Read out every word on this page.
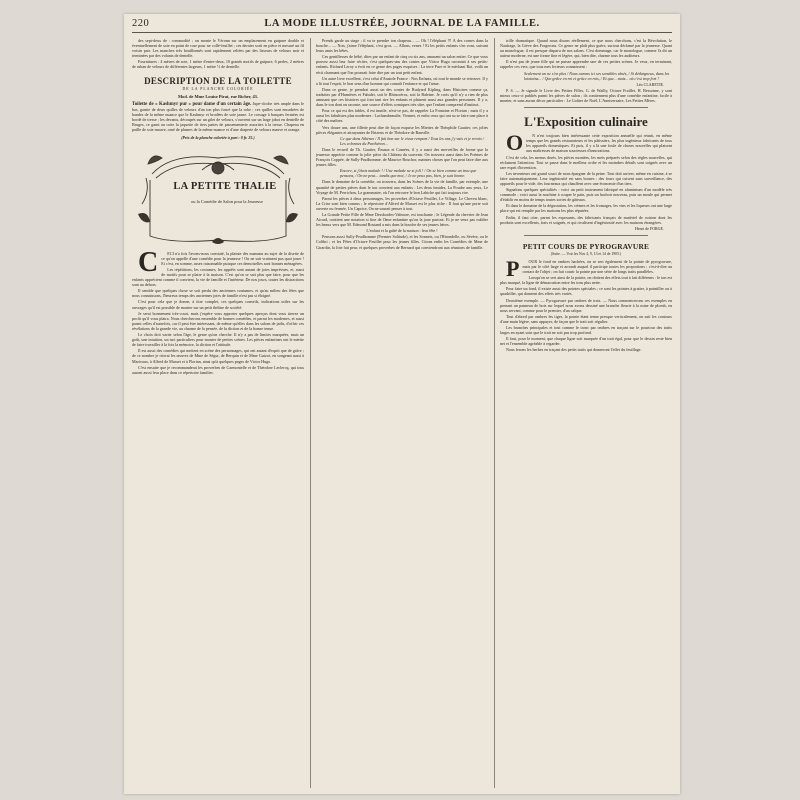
220	LA MODE ILLUSTRÉE, JOURNAL DE LA FAMILLE.

des sept-deux de : commodité ; on monte le Véronn sur un emplacement en guipure double et éventuellement de soie en point de rose pour ne collé-feuillet ; ces dernier sorti en pièce et mesuré un fil voisin pair. Les manches très bouillonnés sont rapidement reliées par des lisseurs de velours noir et terminées par des volants de dentelle.

Fournitures : 4 mètres de soie, 1 mètre d'entre-deux, 10 grands motifs de guipure, 6 perles, 2 mètres de ruban de velours de différentes largeurs, 1 mètre ½ de dentelle.

DESCRIPTION DE LA TOILETTE
DE LA PLANCHE COLORIÉE
Mod. de Mme Louise Pirat, rue Richer, 43.

Toilette de « Kashmyr pur » pour dame d'un certain âge. Jupe-cloche très ample dans le bas, garnie de deux quilles de velours d'un ton plus foncé que la robe ; ces quilles sont encadrées de bandes de la même nuance que le Kashmyr et brodées de soie jaune. Le corsage à basques fermées est bordé de tresse ; les devants, découpés sur un gilet de velours, s'ouvrent sur un large jabot en dentelle de Bruges, ce garni au cotte la jaquette de tiers pattes de passementerie assorties à la tresse. Chapeau en paille de soie mauve, orné de plumes de la même nuance et d'une draperie de velours mauve et orange.

(Prix de la planche coloriée à part : 0 fr. 25.)
LA PETITE THALIE
ou la Comédie de Salon pour la Jeunesse

C ECI n'a fois l'avons-nous constaté, la plainte des mamans au sujet de la disette de ce qu'on appelle d'une comédie pour la jeunesse ! On ne sait vraiment pas quoi jouer ! Et c'est, en somme, assez raisonnable puisque ces demoiselles sont bonnes ménagères.

Les répétitions, les costumes, les apprêts sont autant de joies imprévues, et, aussi de motifs pour se plaire à la maison. C'est qu'on se sait plus que faire, pour que les enfants apprécient comme il convient, la vie de famille et l'intérieur. De nos jours, toutes les distractions sont au dehors.

Il semble que quelques chose se soit perdu des anciennes coutumes, et qu'au milieu des fêtes que nous connaissons, l'heureux temps des anciennes joies de famille n'est pas si éloigné.

C'est pour cela que je donne, à titre complet, ces quelques conseils, indications utiles sur les ouvrages qu'il est possible de monter sur un petit théâtre de société.

Je serai bonnement très-court, mais j'espère vous apporter quelques aperçus dont vous tirerez un profit qu'il vous plaira. Nous chercherons ensemble de bonnes comédies, et parmi les modernes, et aussi parmi celles d'autrefois, car il peut être intéressant, de même qu'elles dans les salons de jadis, d'offrir ces révélations de la grande vie, au charme de la pensée, de la diction et de la bonne tenue.

Le choix doit varier selon l'âge, le genre qu'on cherche. Il n'y a pas de limites marquées, mais un goût, une intuition, un tact particuliers pour monter de petites scènes. Les pièces enfantines ont le mérite de faire travailler à la fois la mémoire, la diction et l'attitude.

Il est aussi des comédies qui mettent en scène des personnages, qui ont autant d'esprit que de grâce ; de ce nombre je citerai les œuvres de Mme de Ségur, de Berquin et de Mme Guizot, en songeant aussi à Marivaux, à Alfred de Musset et à Florian, ainsi qu'à quelques pages de Victor Hugo.

C'est ensuite que je recommanderai les proverbes de Carmontelle et de Théodore Leclercq, qui tous auront aussi leur place dans ce répertoire familier.

Prends garde au singe ; il va te prendre ton chapeau... — Oh ! l'éléphant !!! A des cornes dans la bouche... — Non, j'aime l'éléphant, c'est gros. — Allons, venez ! Et les petits enfants s'en vont, suivant leurs amis les bêtes.

Ces gentillesses de bébé, dites par un enfant de cinq ou six ans, amusent un salon entier. Ce que vous pouvez aussi leur faire réciter, c'est quelques-uns des contes que Victor Hugo racontait à ses petits-enfants. Richard Leroy a écrit en ce genre des pages exquises : La terre Pure et le méchant Roi, voilà un récit charmant que l'on pourrait faire dire par un tout petit enfant.

Un autre livre excellent, c'est celui d'Anatole France : Nos Enfants, où tout le monde se retrouve. Il y a là tout l'esprit, le bon sens d'un homme qui connaît l'enfance et qui l'aime.

Dans ce genre, je prendrai aussi un des contes de Rudyard Kipling, dans Histoires comme ça, traduites par d'Humières et Fabulet, soit le Rhinocéros, soit la Baleine. Je crois qu'il n'y a rien de plus amusant que ces histoires qui font tant rire les enfants et plaisent aussi aux grandes personnes. Il y a, dans le ton dont on raconte, une source d'effets comiques très sûre, que l'enfant comprend d'instinct.

Pour ce qui est des fables, il est inutile, n'est-ce pas, de rappeler La Fontaine et Florian ; mais il y a aussi les fabulistes plus modernes : Lachambeaudie, Viennet, et enfin ceux qui ont su se faire une place à côté des maîtres.

Vers douze ans, une fillette peut dire de façon exquise les Miettes de Théophile Gautier, ces jolies pièces élégantes et attrayantes de Brizeux et de Théodore de Banville.

Ce que dans Athènes / Il fait bon sur le vieux rempart / Tous les ans j'y vais et je revois / Les colonnes du Parthénon...

Dans le recueil de Th. Gautier, Émaux et Camées, il y a aussi des merveilles de forme que la jeunesse apprécie comme la jolie pièce du Château du souvenir. On trouvera aussi dans les Poèmes de François Coppée, de Sully-Prudhomme, de Maurice Bouchor, maintes choses que l'on peut faire dire aux jeunes filles.

Encore, si j'étais malade ! / Une malade ne si joli ! / On se bien comme un trou que pensons, / On ne peut... tandis que moi, / Je ne peux pas, bien, je suis bonne.

Dans le domaine de la comédie, on trouvera, dans les Scènes de la vie de famille, par exemple, une quantité de petites pièces dont le ton convient aux enfants : Les deux timides, La Poudre aux yeux, Le Voyage de M. Perrichon, La grammaire, où l'on retrouve le bon Labiche qui fait toujours rire.

Parmi les pièces à deux personnages, les proverbes d'Octave Feuillet, Le Village, Le Cheveu blanc, La Crise sont bien connus ; le répertoire d'Alfred de Musset est le plus riche : Il faut qu'une porte soit ouverte ou fermée, Un Caprice, On ne saurait penser à tout.

La Grande Petite Fille de Mme Dessbordes-Valmore, est touchante ; le Légende du chevrier de Jean Aicard, contient une notation si fine de l'âme enfantine qu'on la joue partout. Et je ne veux pas oublier les beaux vers que M. Edmond Rostand a mis dans la bouche de ses jeunes héros.

L'enfant et la gaîté de la maison : leur fête !

Pensons aussi Sully-Prudhomme (Premier Solitude), et les Sonnets, ou l'Hirondelle, ou Sévère, ou le Colibri ; et les Fêtes d'Octave Feuillet pour les jeunes filles. Citons enfin les Comédies de Mme de Girardin, la Joie fait peur, et quelques proverbes de Bernard qui conviendront aux réunions de famille.

trille dramatique. Quand nous disons réellement, ce que nous cherchons, c'est la Révolution, le Naufrage, la Grève des Forgerons. Ce genre ne plaît plus guère, surtout déclamé par la jeunesse. Quant au monologue, il est presque disparu de nos salons. C'est dommage, car le monologue, comme l'a dit un auteur moderne, est une forme fine et légère, qui, bien dite, charme tous les auditeurs.

Il n'est pas de jeune fille qui ne puisse apprendre une de ces petites scènes. Je veux, en terminant, rappeler ces vers, que tous mes lecteurs connaissent :

Seulement un ne s'en plus / Nous aurons ici ses sensibles aînés, / Si dédaigneux, dans les lointains... / Que grâce en roi et grâce en rois, / Et que... mais... où c'est trop fort !

Léo CLARETIE.

P. S. — Je signale le Livre des Petites Filles, G. de Wailly, Octave Fraillet, H. Bessonne, y sont mieux ceux-ci publiés parmi les pièces de salon ; ils contiennent plus d'une comédie enfantine, facile à monter, et sans aucun décor particulier : Le Goûter de Noël, L'Anniversaire, Les Petites Mères.

L'Exposition culinaire

O N n'est toujours bien intéressante cette exposition annuelle qui réunit, en même temps que les grands restaurateurs et les pâtissiers, les plus ingénieux fabricants de tous les appareils domestiques. Et puis, il y a là une foule de choses nouvelles qui plaisent aux maîtresses de maison soucieuses d'innovations.

C'est de cela, les menus dorés, les pièces montées, les mets préparés selon des règles nouvelles, qui réclament l'attention. Tout se passe dans le meilleur ordre et les moindres détails sont soignés avec un rare esprit d'invention.

Les inventeurs ont grand souci de nous épargner de la peine. Tout doit arriver, même en cuisine, à se faire automatiquement. Leur ingéniosité est sans bornes : des fours qui cuisent sans surveillance, des appareils pour le vide, des fourneaux qui chauffent avec une économie d'un tiers.

Signalons quelques spécialités : voici un petit instrument fabriqué en aluminium d'un modèle très commode ; voici aussi la machine à couper le pain, puis un hachoir nouveau, puis un moule qui permet d'établir en moins de temps toutes sortes de gâteaux.

Et dans le domaine de la dégustation, les crèmes et les fromages, les vins et les liqueurs ont une large place qui est remplie par les maisons les plus réputées.

Enfin, il faut citer, parmi les exposants, des fabricants français de matériel de cuisine dont les produits sont excellents, frais et soignés, et qui rivalisent d'ingéniosité avec les maisons étrangères.

Henri de FORGE.

PETIT COURS DE PYROGRAVURE
(Suite. — Voir les Nos 4, 9, 13 et 14 de 1905.)

P OUR le fond en ombres hachées, on se sert également de la pointe de pyrogravure, mais par le côté large et arrondi auquel il participe toutes les proportions ; c'est-à-dire au contact de l'objet ; on fait courir la pointe par une série de longs traits parallèles.

Lorsqu'on se sert ainsi de la pointe, on obtient des effets tout à fait différents : le ton est plus marqué, la ligne de démarcation entre les tons plus nette.

Pour faire un fond, il existe aussi des pointes spéciales ; ce sont les pointes à gratter, à pointiller ou à quadriller, qui donnent des effets très variés.

Deuxième exemple. — Pyrogravure par ombres de trais. — Nous commencerons ces exemples en prenant un panneau de bois sur lequel nous avons dessiné une branche fleurie à la mine de plomb, en nous servant, comme pour le premier, d'un calque.

Tout d'abord par ombres les tiges, la pointe étant tenue presque verticalement, on suit les contours d'une main légère, sans appuyer, de façon que le trait soit régulier.

Les branches principales et tout comme le tronc par ombres en traçant sur le pourtour des traits larges en ayant soin que le trait ne soit pas trop profond.

Il faut, pour le moment, que chaque ligne soit marquée d'un trait égal, pour que le dessin reste bien net et l'ensemble agréable à regarder.

Nous ferons les herbes en traçant des petits traits qui donneront l'effet du feuillage.
